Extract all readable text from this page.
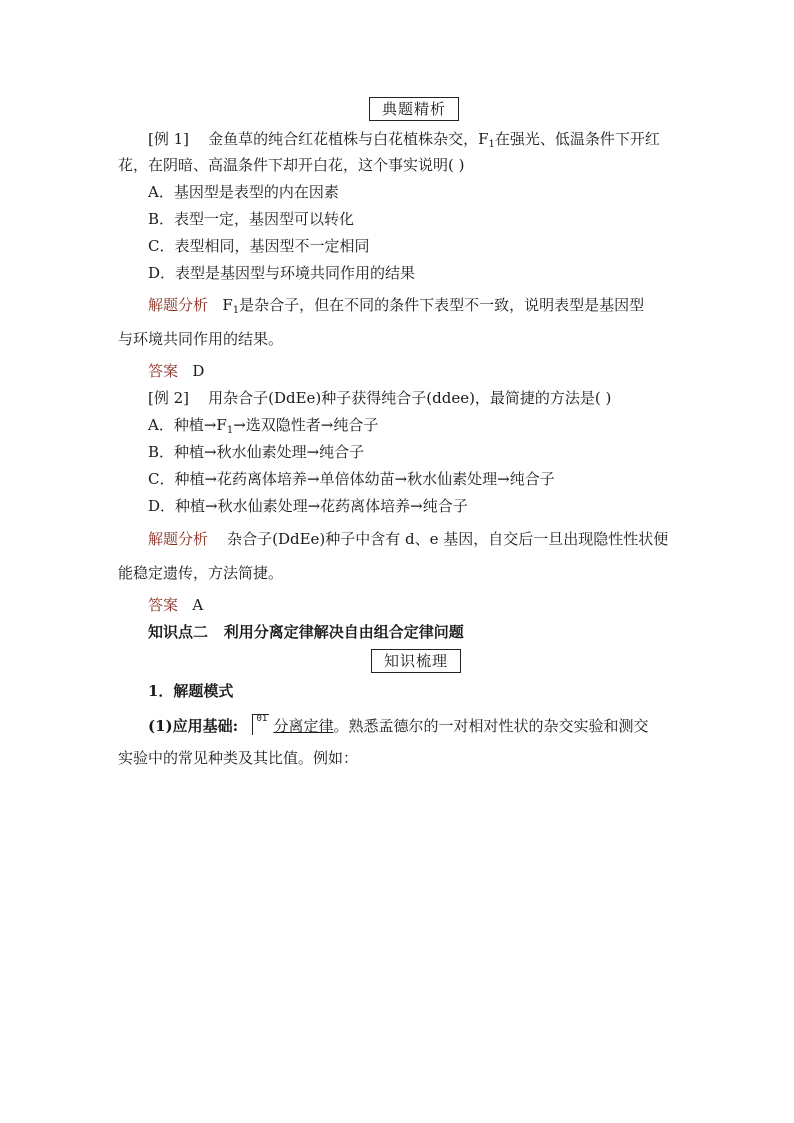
典题精析
[例 1] 金鱼草的纯合红花植株与白花植株杂交，$F_1$在强光、低温条件下开红
花，在阴暗、高温条件下却开白花，这个事实说明( )
A．基因型是表型的内在因素
B．表型一定，基因型可以转化
C．表型相同，基因型不一定相同
D．表型是基因型与环境共同作用的结果
解题分析 $F_1$是杂合子，但在不同的条件下表型不一致，说明表型是基因型
与环境共同作用的结果。
答案 D
[例 2] 用杂合子(DdEe)种子获得纯合子(ddee)，最简捷的方法是( )
A．种植$\to F_1\to$选双隐性者→纯合子
B．种植→秋水仙素处理→纯合子
C．种植→花药离体培养→单倍体幼苗→秋水仙素处理→纯合子
D．种植→秋水仙素处理→花药离体培养→纯合子
解题分析 杂合子(DdEe)种子中含有 d、e 基因，自交后一旦出现隐性性状便
能稳定遗传，方法简捷。
答案 A
知识点二 利用分离定律解决自由组合定律问题
知识梳理
1．解题模式
(1)应用基础: 01 分离定律。熟悉孟德尔的一对相对性状的杂交实验和测交
实验中的常见种类及其比值。例如：
